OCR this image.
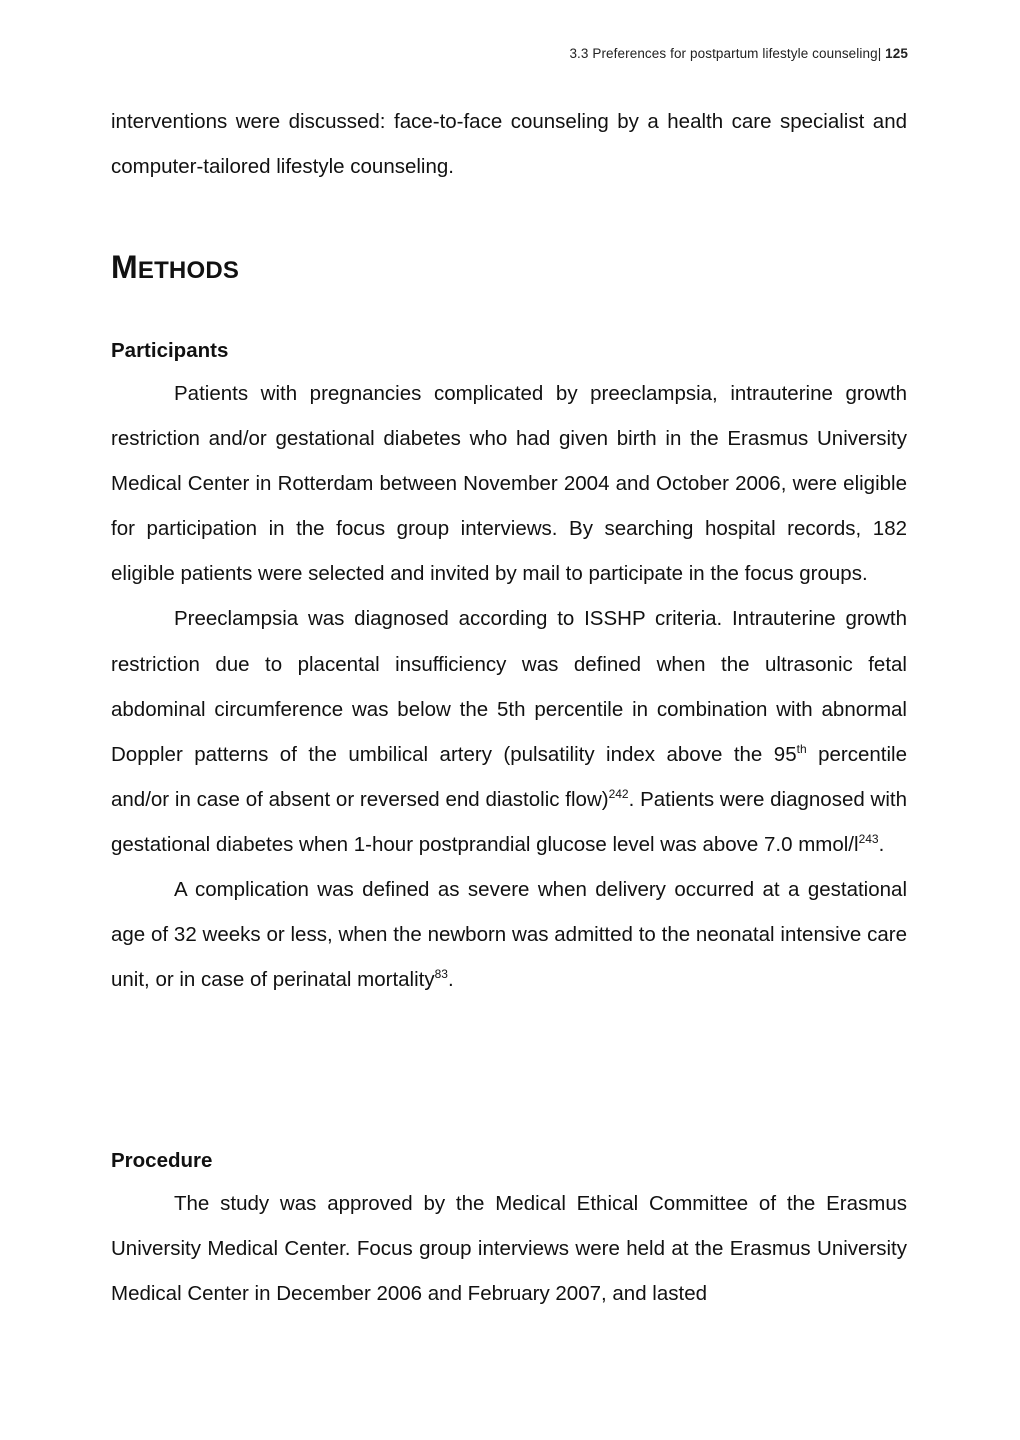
3.3 Preferences for postpartum lifestyle counseling| 125

interventions were discussed: face-to-face counseling by a health care specialist and computer-tailored lifestyle counseling.

METHODS
Participants

Patients with pregnancies complicated by preeclampsia, intrauterine growth restriction and/or gestational diabetes who had given birth in the Erasmus University Medical Center in Rotterdam between November 2004 and October 2006, were eligible for participation in the focus group interviews. By searching hospital records, 182 eligible patients were selected and invited by mail to participate in the focus groups.

Preeclampsia was diagnosed according to ISSHP criteria. Intrauterine growth restriction due to placental insufficiency was defined when the ultrasonic fetal abdominal circumference was below the 5th percentile in combination with abnormal Doppler patterns of the umbilical artery (pulsatility index above the 95th percentile and/or in case of absent or reversed end diastolic flow)$^{242}$. Patients were diagnosed with gestational diabetes when 1-hour postprandial glucose level was above 7.0 mmol/$l^{243}$.

A complication was defined as severe when delivery occurred at a gestational age of 32 weeks or less, when the newborn was admitted to the neonatal intensive care unit, or in case of perinatal mortality$^{83}$.

Procedure

The study was approved by the Medical Ethical Committee of the Erasmus University Medical Center. Focus group interviews were held at the Erasmus University Medical Center in December 2006 and February 2007, and lasted
